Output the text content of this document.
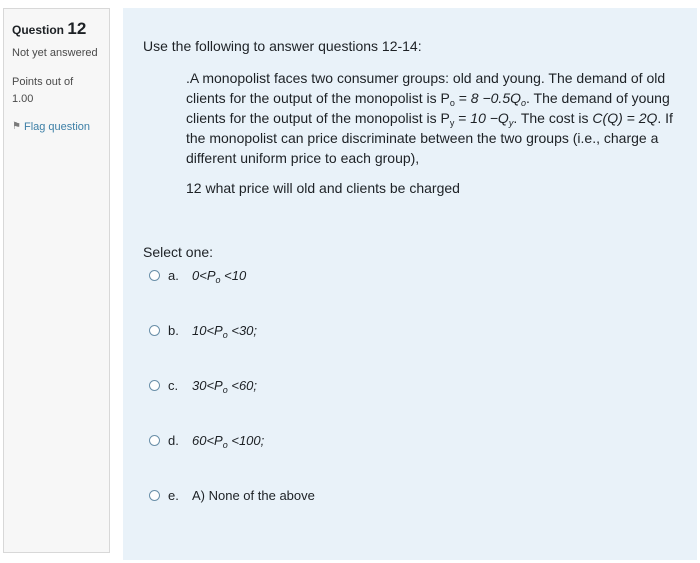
Question 12
Not yet answered
Points out of
1.00
⚑ Flag question

Use the following to answer questions 12-14:

.A monopolist faces two consumer groups: old and young. The demand of old clients for the output of the monopolist is $P_o = 8 -0.5Q_o$. The demand of young clients for the output of the monopolist is $P_y = 10 -Q_y$. The cost is C(Q) = 2Q. If the monopolist can price discriminate between the two groups (i.e., charge a different uniform price to each group),
12 what price will old and clients be charged
Select one:
a.	$0<P_o <10$
b.	$10<P_o <30$;
c.	$30<P_o <60$;
d.	$60<P_o <100$;
e.	A) None of the above
